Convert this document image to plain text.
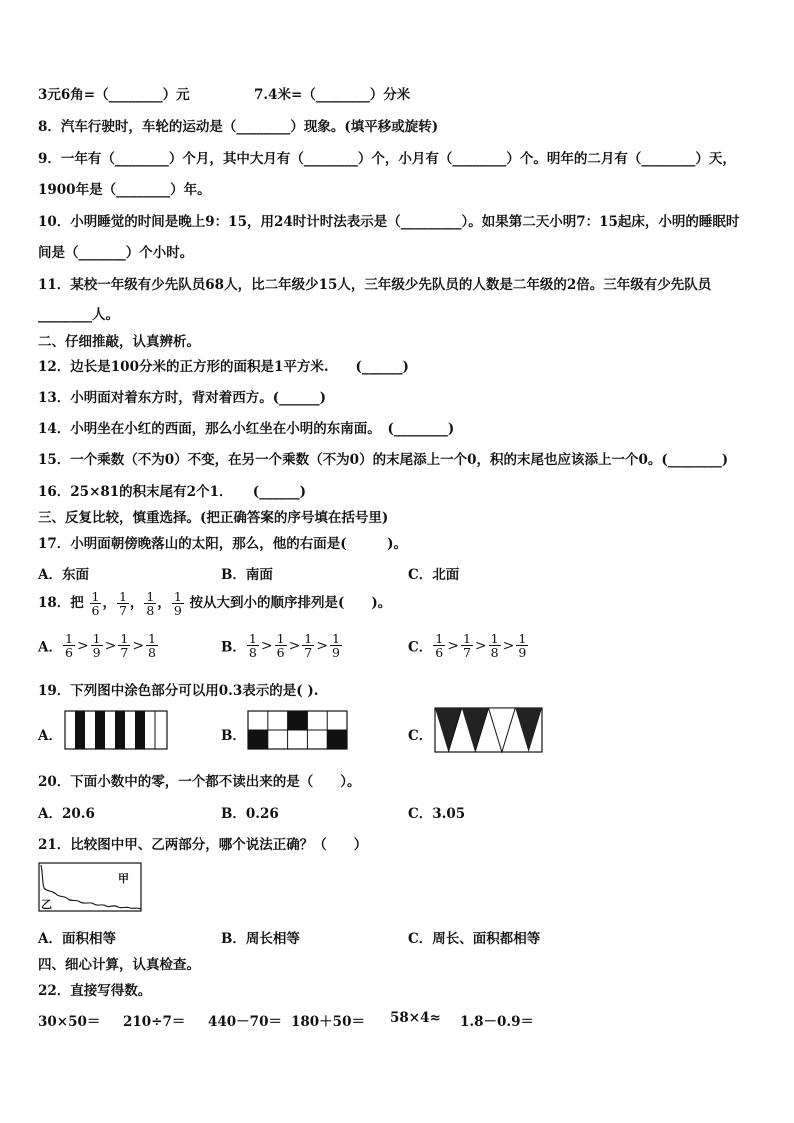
3元6角=（________）元	7.4米=（________）分米
8．汽车行驶时，车轮的运动是（________）现象。(填平移或旋转)
9．一年有（________）个月，其中大月有（________）个，小月有（________）个。明年的二月有（________）天，
1900年是（________）年。
10．小明睡觉的时间是晚上9：15，用24时计时法表示是（_________）。如果第二天小明7：15起床，小明的睡眠时
间是（_______）个小时。
11．某校一年级有少先队员68人，比二年级少15人，三年级少先队员的人数是二年级的2倍。三年级有少先队员
________人。
二、仔细推敲，认真辨析。
12．边长是100分米的正方形的面积是1平方米.　　(______)
13．小明面对着东方时，背对着西方。(______)
14．小明坐在小红的西面，那么小红坐在小明的东南面。　(________)
15．一个乘数（不为0）不变，在另一个乘数（不为0）的末尾添上一个0，积的末尾也应该添上一个0。(________)
16．25×81的积末尾有2个1．　　(______)
三、反复比较，慎重选择。(把正确答案的序号填在括号里)
17．小明面朝傍晚落山的太阳，那么，他的右面是(　　　)。
A．东面	B．南面	C．北面
18．把 $\frac{1}{6}$ ， $\frac{1}{7}$ ， $\frac{1}{8}$ ， $\frac{1}{9}$ 按从大到小的顺序排列是(　　)。
A． $\frac{1}{6} > \frac{1}{9} > \frac{1}{7} > \frac{1}{8}$	B． $\frac{1}{8} > \frac{1}{6} > \frac{1}{7} > \frac{1}{9}$	C． $\frac{1}{6} > \frac{1}{7} > \frac{1}{8} > \frac{1}{9}$
19．下列图中涂色部分可以用0.3表示的是( ).
A．	B．	C．
20．下面小数中的零，一个都不读出来的是（　　）。
A．20.6	B．0.26	C．3.05
21．比较图中甲、乙两部分，哪个说法正确？（　　）
甲
乙
A．面积相等	B．周长相等	C．周长、面积都相等
四、细心计算，认真检查。
22．直接写得数。
30×50＝ 210÷7＝ 440－70＝ 180＋50＝ 58×4≈ 1.8－0.9＝
